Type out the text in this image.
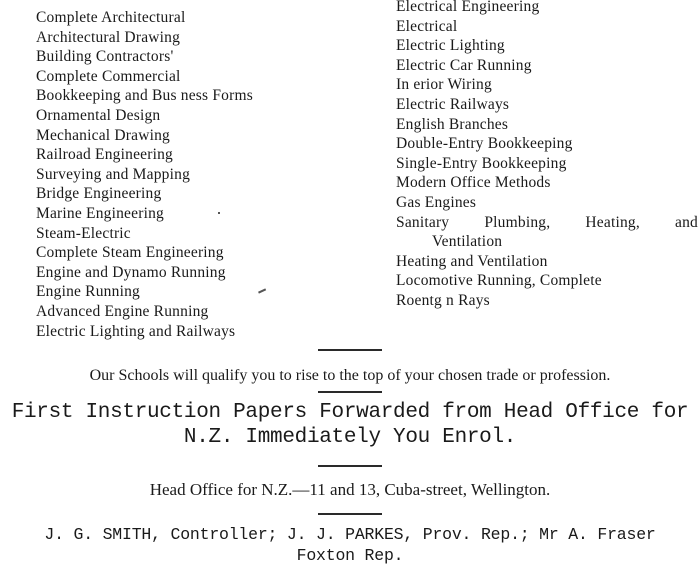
Complete Architectural
Architectural Drawing
Building Contractors'
Complete Commercial
Bookkeeping and Bus ness Forms
Ornamental Design
Mechanical Drawing
Railroad Engineering
Surveying and Mapping
Bridge Engineering
Marine Engineering
Steam-Electric
Complete Steam Engineering
Engine and Dynamo Running
Engine Running
Advanced Engine Running
Electric Lighting and Railways
Electrical Engineering
Electrical
Electric Lighting
Electric Car Running
In erior Wiring
Electric Railways
English Branches
Double-Entry Bookkeeping
Single-Entry Bookkeeping
Modern Office Methods
Gas Engines
Sanitary Plumbing, Heating, and
Ventilation
Heating and Ventilation
Locomotive Running, Complete
Roentg n Rays
Our Schools will qualify you to rise to the top of your chosen trade or profession.
First Instruction Papers Forwarded from Head Office for
N.Z. Immediately You Enrol.
Head Office for N.Z.—11 and 13, Cuba-street, Wellington.
J. G. SMITH, Controller; J. J. PARKES, Prov. Rep.; Mr A. Fraser
Foxton Rep.
